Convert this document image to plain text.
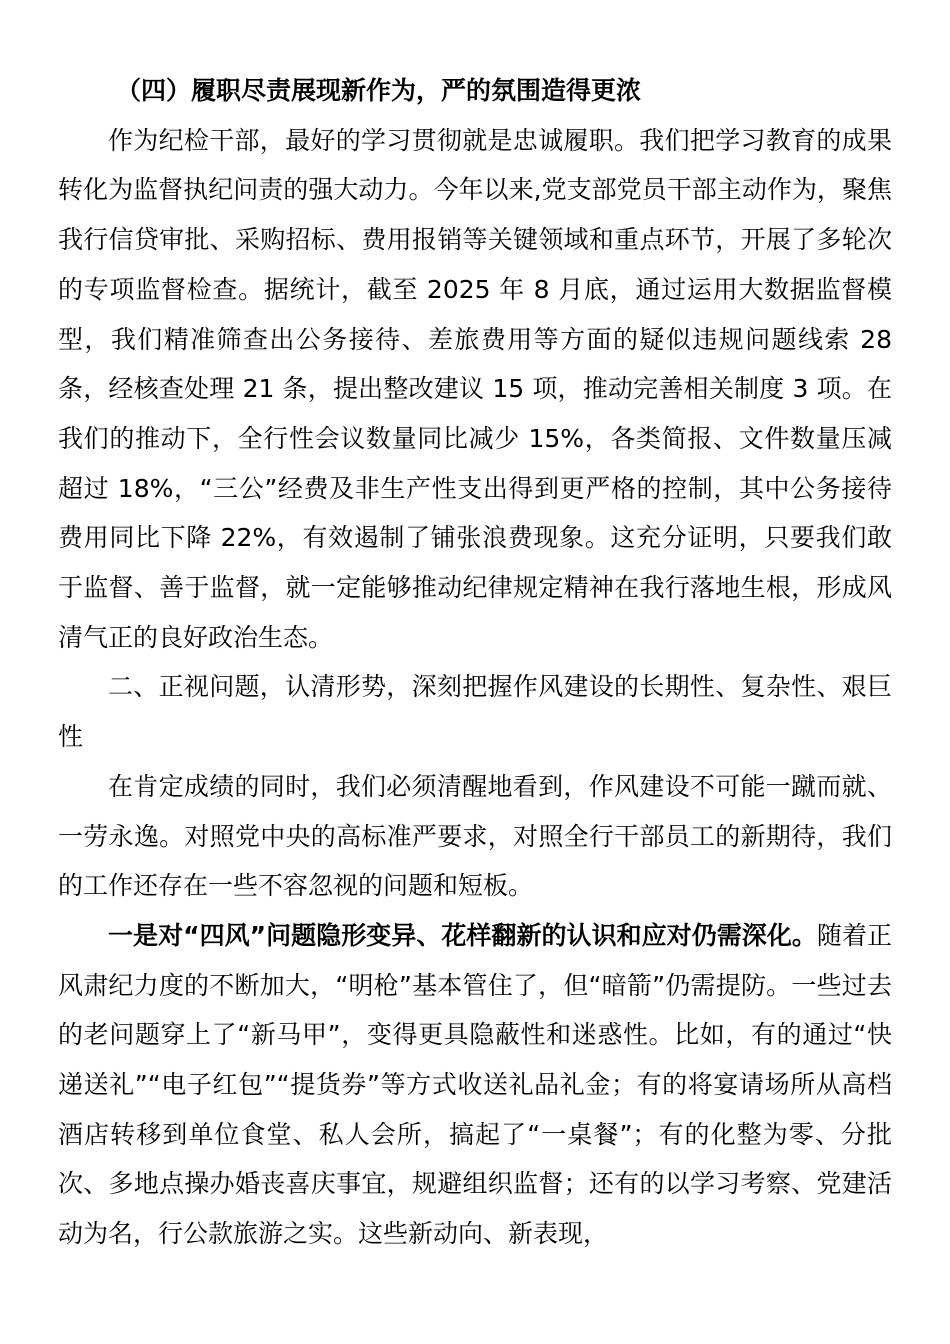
（四）履职尽责展现新作为，严的氛围造得更浓

作为纪检干部，最好的学习贯彻就是忠诚履职。我们把学习教育的成果转化为监督执纪问责的强大动力。今年以来,党支部党员干部主动作为，聚焦我行信贷审批、采购招标、费用报销等关键领域和重点环节，开展了多轮次的专项监督检查。据统计，截至 2025 年 8 月底，通过运用大数据监督模型，我们精准筛查出公务接待、差旅费用等方面的疑似违规问题线索 28 条，经核查处理 21 条，提出整改建议 15 项，推动完善相关制度 3 项。在我们的推动下，全行性会议数量同比减少 15%，各类简报、文件数量压减超过 18%，“三公”经费及非生产性支出得到更严格的控制，其中公务接待费用同比下降 22%，有效遏制了铺张浪费现象。这充分证明，只要我们敢于监督、善于监督，就一定能够推动纪律规定精神在我行落地生根，形成风清气正的良好政治生态。

二、正视问题，认清形势，深刻把握作风建设的长期性、复杂性、艰巨性

在肯定成绩的同时，我们必须清醒地看到，作风建设不可能一蹴而就、一劳永逸。对照党中央的高标准严要求，对照全行干部员工的新期待，我们的工作还存在一些不容忽视的问题和短板。

一是对“四风”问题隐形变异、花样翻新的认识和应对仍需深化。随着正风肃纪力度的不断加大，“明枪”基本管住了，但“暗箭”仍需提防。一些过去的老问题穿上了“新马甲”，变得更具隐蔽性和迷惑性。比如，有的通过“快递送礼”“电子红包”“提货券”等方式收送礼品礼金；有的将宴请场所从高档酒店转移到单位食堂、私人会所，搞起了“一桌餐”；有的化整为零、分批次、多地点操办婚丧喜庆事宜，规避组织监督；还有的以学习考察、党建活动为名，行公款旅游之实。这些新动向、新表现，
